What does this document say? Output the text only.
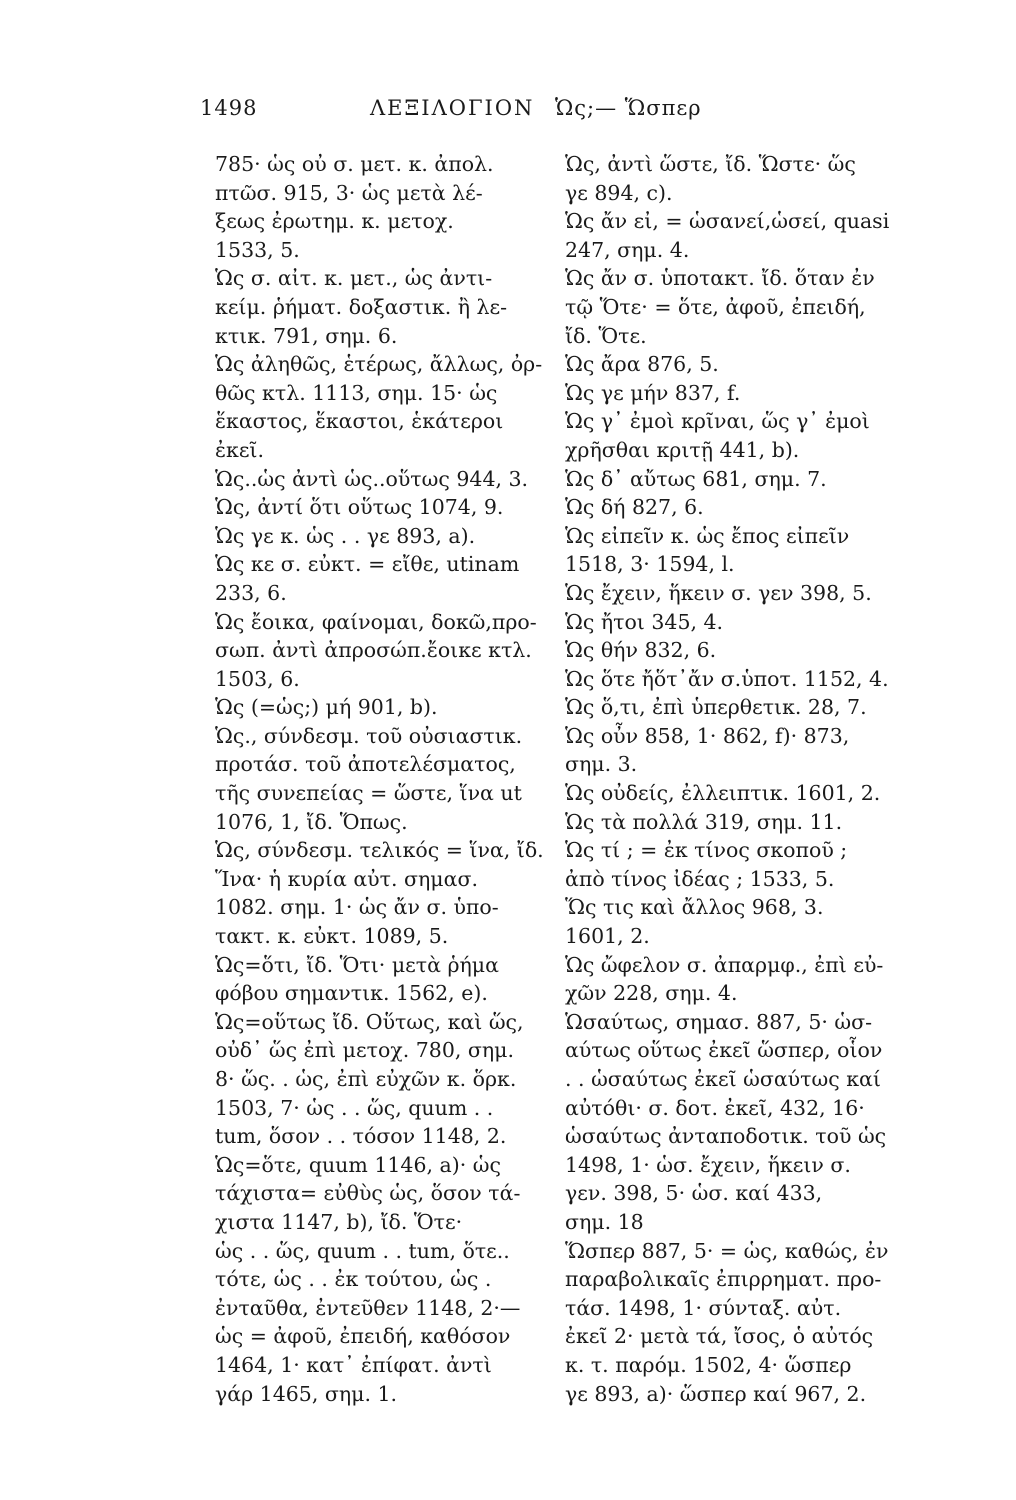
1498	ΛΕΞΙΛΟΓΙΟΝ Ὡς;— Ὥσπερ
785· ὡς οὐ σ. μετ. κ. ἀπολ.
πτῶσ. 915, 3· ὡς μετὰ λέ-
ξεως ἐρωτημ. κ. μετοχ.
1533, 5.
Ὡς σ. αἰτ. κ. μετ., ὡς ἀντι-
κείμ. ῥήματ. δοξαστικ. ἢ λε-
κτικ. 791, σημ. 6.
Ὡς ἀληθῶς, ἑτέρως, ἄλλως, ὀρ-
θῶς κτλ. 1113, σημ. 15· ὡς
ἕκαστος, ἕκαστοι, ἑκάτεροι
ἐκεῖ.
Ὡς..ὡς ἀντὶ ὡς..οὕτως 944, 3.
Ὡς, ἀντί ὅτι οὕτως 1074, 9.
Ὡς γε κ. ὡς . . γε 893, a).
Ὡς κε σ. εὐκτ. = εἴθε, utinam
233, 6.
Ὡς ἔοικα, φαίνομαι, δοκῶ,προ-
σωπ. ἀντὶ ἀπροσώπ.ἔοικε κτλ.
1503, 6.
Ὡς (=ὡς;) μή 901, b).
Ὡς., σύνδεσμ. τοῦ οὐσιαστικ.
προτάσ. τοῦ ἀποτελέσματος,
τῆς συνεπείας = ὥστε, ἵνα ut
1076, 1, ἴδ. Ὅπως.
Ὡς, σύνδεσμ. τελικός = ἵνα, ἴδ.
Ἵνα· ἡ κυρία αὐτ. σημασ.
1082. σημ. 1· ὡς ἄν σ. ὑπο-
τακτ. κ. εὐκτ. 1089, 5.
Ὡς=ὅτι, ἴδ. Ὅτι· μετὰ ῥήμα
φόβου σημαντικ. 1562, e).
Ὡς=οὕτως ἴδ. Οὕτως, καὶ ὥς,
οὐδ᾽ ὥς ἐπὶ μετοχ. 780, σημ.
8· ὥς. . ὡς, ἐπὶ εὐχῶν κ. ὅρκ.
1503, 7· ὡς . . ὥς, quum . .
tum, ὅσον . . τόσον 1148, 2.
Ὡς=ὅτε, quum 1146, a)· ὡς
τάχιστα= εὐθὺς ὡς, ὅσον τά-
χιστα 1147, b), ἴδ. Ὅτε·
ὡς . . ὥς, quum . . tum, ὅτε..
τότε, ὡς . . ἐκ τούτου, ὡς .
ἐνταῦθα, ἐντεῦθεν 1148, 2·—
ὡς = ἀφοῦ, ἐπειδή, καθόσον
1464, 1· κατ᾽ ἐπίφατ. ἀντὶ
γάρ 1465, σημ. 1.
Ὡς, ἀντὶ ὥστε, ἴδ. Ὥστε· ὥς
γε 894, c).
Ὡς ἄν εἰ, = ὡσανεί,ὡσεί, quasi
247, σημ. 4.
Ὡς ἄν σ. ὑποτακτ. ἴδ. ὅταν ἐν
τῷ Ὅτε· = ὅτε, ἀφοῦ, ἐπειδή,
ἴδ. Ὅτε.
Ὡς ἄρα 876, 5.
Ὡς γε μήν 837, f.
Ὡς γ᾽ ἐμοὶ κρῖναι, ὥς γ᾽ ἐμοὶ
χρῆσθαι κριτῇ 441, b).
Ὡς δ᾽ αὔτως 681, σημ. 7.
Ὡς δή 827, 6.
Ὡς εἰπεῖν κ. ὡς ἔπος εἰπεῖν
1518, 3· 1594, l.
Ὡς ἔχειν, ἥκειν σ. γεν 398, 5.
Ὡς ἤτοι 345, 4.
Ὡς θήν 832, 6.
Ὡς ὅτε ἤὅτ᾽ἄν σ.ὑποτ. 1152, 4.
Ὡς ὅ,τι, ἐπὶ ὑπερθετικ. 28, 7.
Ὡς οὖν 858, 1· 862, f)· 873,
σημ. 3.
Ὡς οὐδείς, ἐλλειπτικ. 1601, 2.
Ὡς τὰ πολλά 319, σημ. 11.
Ὡς τί ; = ἐκ τίνος σκοποῦ ;
ἀπὸ τίνος ἰδέας ; 1533, 5.
Ὥς τις καὶ ἄλλος 968, 3.
1601, 2.
Ὡς ὤφελον σ. ἀπαρμφ., ἐπὶ εὐ-
χῶν 228, σημ. 4.
Ὡσαύτως, σημασ. 887, 5· ὡσ-
αύτως οὕτως ἐκεῖ ὥσπερ, οἷον
. . ὡσαύτως ἐκεῖ ὡσαύτως καί
αὐτόθι· σ. δοτ. ἐκεῖ, 432, 16·
ὡσαύτως ἀνταποδοτικ. τοῦ ὡς
1498, 1· ὡσ. ἔχειν, ἥκειν σ.
γεν. 398, 5· ὡσ. καί 433,
σημ. 18
Ὥσπερ 887, 5· = ὡς, καθώς, ἐν
παραβολικαῖς ἐπιρρηματ. προ-
τάσ. 1498, 1· σύνταξ. αὐτ.
ἐκεῖ 2· μετὰ τά, ἴσος, ὁ αὐτός
κ. τ. παρόμ. 1502, 4· ὥσπερ
γε 893, a)· ὥσπερ καί 967, 2.
